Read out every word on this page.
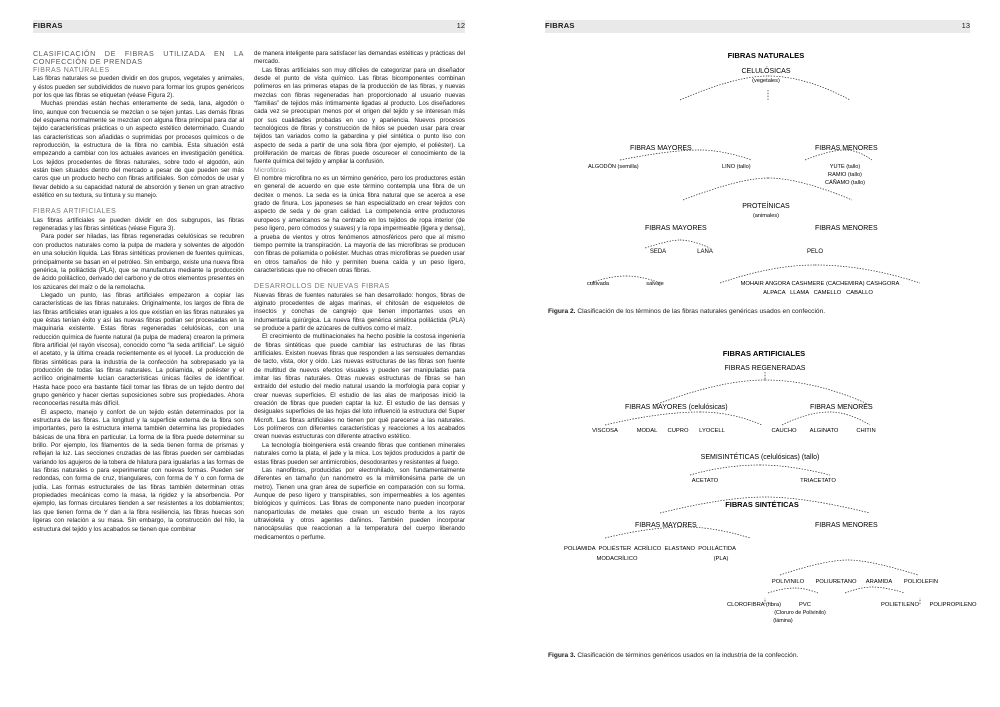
FIBRAS	12
CLASIFICACIÓN DE FIBRAS UTILIZADA EN LA CONFECCIÓN DE PRENDAS
FIBRAS NATURALES

Las fibras naturales se pueden dividir en dos grupos, vegetales y animales, y éstos pueden ser subdivididos de nuevo para formar los grupos genéricos por los que las fibras se etiquetan (véase Figura 2).

Muchas prendas están hechas enteramente de seda, lana, algodón o lino, aunque con frecuencia se mezclan o se tejen juntas. Las demás fibras del esquema normalmente se mezclan con alguna fibra principal para dar al tejido características prácticas o un aspecto estético determinado. Cuando las características son añadidas o suprimidas por procesos químicos o de reproducción, la estructura de la fibra no cambia. Esta situación está empezando a cambiar con los actuales avances en investigación genética. Los tejidos procedentes de fibras naturales, sobre todo el algodón, aún están bien situados dentro del mercado a pesar de que pueden ser más caros que un producto hecho con fibras artificiales. Son cómodos de usar y llevar debido a su capacidad natural de absorción y tienen un gran atractivo estético en su textura, su tintura y su manejo.

FIBRAS ARTIFICIALES

Las fibras artificiales se pueden dividir en dos subgrupos, las fibras regeneradas y las fibras sintéticas (véase Figura 3).

Para poder ser hiladas, las fibras regeneradas celulósicas se recubren con productos naturales como la pulpa de madera y solventes de algodón en una solución líquida. Las fibras sintéticas provienen de fuentes químicas, principalmente se basan en el petróleo. Sin embargo, existe una nueva fibra genérica, la poliláctida (PLA), que se manufactura mediante la producción de ácido poliláctico, derivado del carbono y de otros elementos presentes en los azúcares del maíz o de la remolacha.

Llegado un punto, las fibras artificiales empezaron a copiar las características de las fibras naturales. Originalmente, los largos de fibra de las fibras artificiales eran iguales a los que existían en las fibras naturales ya que éstas tenían éxito y así las nuevas fibras podían ser procesadas en la maquinaria existente. Estas fibras regeneradas celulósicas, con una reducción química de fuente natural (la pulpa de madera) crearon la primera fibra artificial (el rayón viscosa), conocido como “la seda artificial”. Le siguió el acetato, y la última creada recientemente es el lyocell. La producción de fibras sintéticas para la industria de la confección ha sobrepasado ya la producción de todas las fibras naturales. La poliamida, el poliéster y el acrílico originalmente lucían características únicas fáciles de identificar. Hasta hace poco era bastante fácil tomar las fibras de un tejido dentro del grupo genérico y hacer ciertas suposiciones sobre sus propiedades. Ahora reconocerlas resulta más difícil.

El aspecto, manejo y confort de un tejido están determinados por la estructura de las fibras. La longitud y la superficie externa de la fibra son importantes, pero la estructura interna también determina las propiedades básicas de una fibra en particular. La forma de la fibra puede determinar su brillo. Por ejemplo, los filamentos de la seda tienen forma de prismas y reflejan la luz. Las secciones cruzadas de las fibras pueden ser cambiadas variando los agujeros de la tobera de hilatura para igualarlas a las formas de las fibras naturales o para experimentar con nuevas formas. Pueden ser redondas, con forma de cruz, triangulares, con forma de Y o con forma de judía. Las formas estructurales de las fibras también determinan otras propiedades mecánicas como la masa, la rigidez y la absorbencia. Por ejemplo, las formas circulares tienden a ser resistentes a los doblamientos; las que tienen forma de Y dan a la fibra resiliencia, las fibras huecas son ligeras con relación a su masa. Sin embargo, la construcción del hilo, la estructura del tejido y los acabados se tienen que combinar

de manera inteligente para satisfacer las demandas estéticas y prácticas del mercado.

Las fibras artificiales son muy difíciles de categorizar para un diseñador desde el punto de vista químico. Las fibras bicomponentes combinan polímeros en las primeras etapas de la producción de las fibras, y nuevas mezclas con fibras regeneradas han proporcionado al usuario nuevas “familias” de tejidos más íntimamente ligadas al producto. Los diseñadores cada vez se preocupan menos por el origen del tejido y se interesan más por sus cualidades probadas en uso y apariencia. Nuevos procesos tecnológicos de fibras y construcción de hilos se pueden usar para crear tejidos tan variados como la gabardina y piel sintética o punto liso con aspecto de seda a partir de una sola fibra (por ejemplo, el poliéster). La proliferación de marcas de fibras puede oscurecer el conocimiento de la fuente química del tejido y ampliar la confusión.

Microfibras

El nombre microfibra no es un término genérico, pero los productores están en general de acuerdo en que este término contempla una fibra de un decitex o menos. La seda es la única fibra natural que se acerca a ese grado de finura. Los japoneses se han especializado en crear tejidos con aspecto de seda y de gran calidad. La competencia entre productores europeos y americanos se ha centrado en los tejidos de ropa interior (de peso ligero, pero cómodos y suaves) y la ropa impermeable (ligera y densa), a prueba de vientos y otros fenómenos atmosféricos pero que al mismo tiempo permite la transpiración. La mayoría de las microfibras se producen con fibras de poliamida o poliéster. Muchas otras microfibras se pueden usar en otros tamaños de hilo y permiten buena caída y un peso ligero, características que no ofrecen otras fibras.

DESARROLLOS DE NUEVAS FIBRAS

Nuevas fibras de fuentes naturales se han desarrollado: hongos, fibras de alginato procedentes de algas marinas, el chitosán de esqueletos de insectos y conchas de cangrejo que tienen importantes usos en indumentaria quirúrgica. La nueva fibra genérica sintética poliláctida (PLA) se produce a partir de azúcares de cultivos como el maíz.

El crecimiento de multinacionales ha hecho posible la costosa ingeniería de fibras sintéticas que puede cambiar las estructuras de las fibras artificiales. Existen nuevas fibras que responden a las sensuales demandas de tacto, vista, olor y oído. Las nuevas estructuras de las fibras son fuente de multitud de nuevos efectos visuales y pueden ser manipuladas para imitar las fibras naturales. Otras nuevas estructuras de fibras se han extraído del estudio del medio natural usando la morfología para copiar y crear nuevas superficies. El estudio de las alas de mariposas inició la creación de fibras que pueden captar la luz. El estudio de las densas y desiguales superficies de las hojas del loto influenció la estructura del Super Microft. Las fibras artificiales no tienen por qué parecerse a las naturales. Los polímeros con diferentes características y reacciones a los acabados crean nuevas estructuras con diferente atractivo estético.

La tecnología bioingeniera está creando fibras que contienen minerales naturales como la plata, el jade y la mica. Los tejidos producidos a partir de estas fibras pueden ser antimicrobios, desodorantes y resistentes al fuego.

Las nanofibras, producidas por electrohilado, son fundamentalmente diferentes en tamaño (un nanómetro es la milmillonésima parte de un metro). Tienen una gran área de superficie en comparación con su forma. Aunque de peso ligero y transpirables, son impermeables a los agentes biológicos y químicos. Las fibras de componente nano pueden incorporar nanopartículas de metales que crean un escudo frente a los rayos ultravioleta y otros agentes dañinos. También pueden incorporar nanocápsulas que reaccionan a la temperatura del cuerpo liberando medicamentos o perfume.

FIBRAS	13
FIBRAS NATURALES
CELULÓSICAS
(vegetales)
FIBRAS MAYORES	FIBRAS MENORES
ALGODÓN (semilla)	LINO (tallo)	YUTE (tallo)
RAMIO (tallo)
CÁÑAMO (tallo)
PROTEÍNICAS
(animales)
FIBRAS MAYORES	FIBRAS MENORES
SEDA	LANA	PELO
cultivada	salvaje	MOHAIR ANGORA CASHMERE (CACHEMIRA) CASHGORA
ALPACA   LLAMA   CAMELLO   CABALLO
Figura 2. Clasificación de los términos de las fibras naturales genéricas usados en confección.
FIBRAS ARTIFICIALES
FIBRAS REGENERADAS
FIBRAS MAYORES (celulósicas)	FIBRAS MENORES
VISCOSA	MODAL CUPRO LYOCELL	CAUCHO ALGINATO	CHITIN
SEMISINTÉTICAS (celulósicas) (tallo)
ACETATO	TRIACETATO
FIBRAS SINTÉTICAS
FIBRAS MAYORES	FIBRAS MENORES
POLIAMIDA  POLIÉSTER  ACRÍLICO  ELASTANO  POLILÁCTIDA
MODACRÍLICO	(PLA)
POLIVINILO POLIURETANO ARAMIDA POLIOLEFIN
CLOROFIBRA (fibra)	PVC
(Cloruro de Polivinilo)
(lámina)
POLIETILENO POLIPROPILENO
Figura 3. Clasificación de términos genéricos usados en la industria de la confección.
